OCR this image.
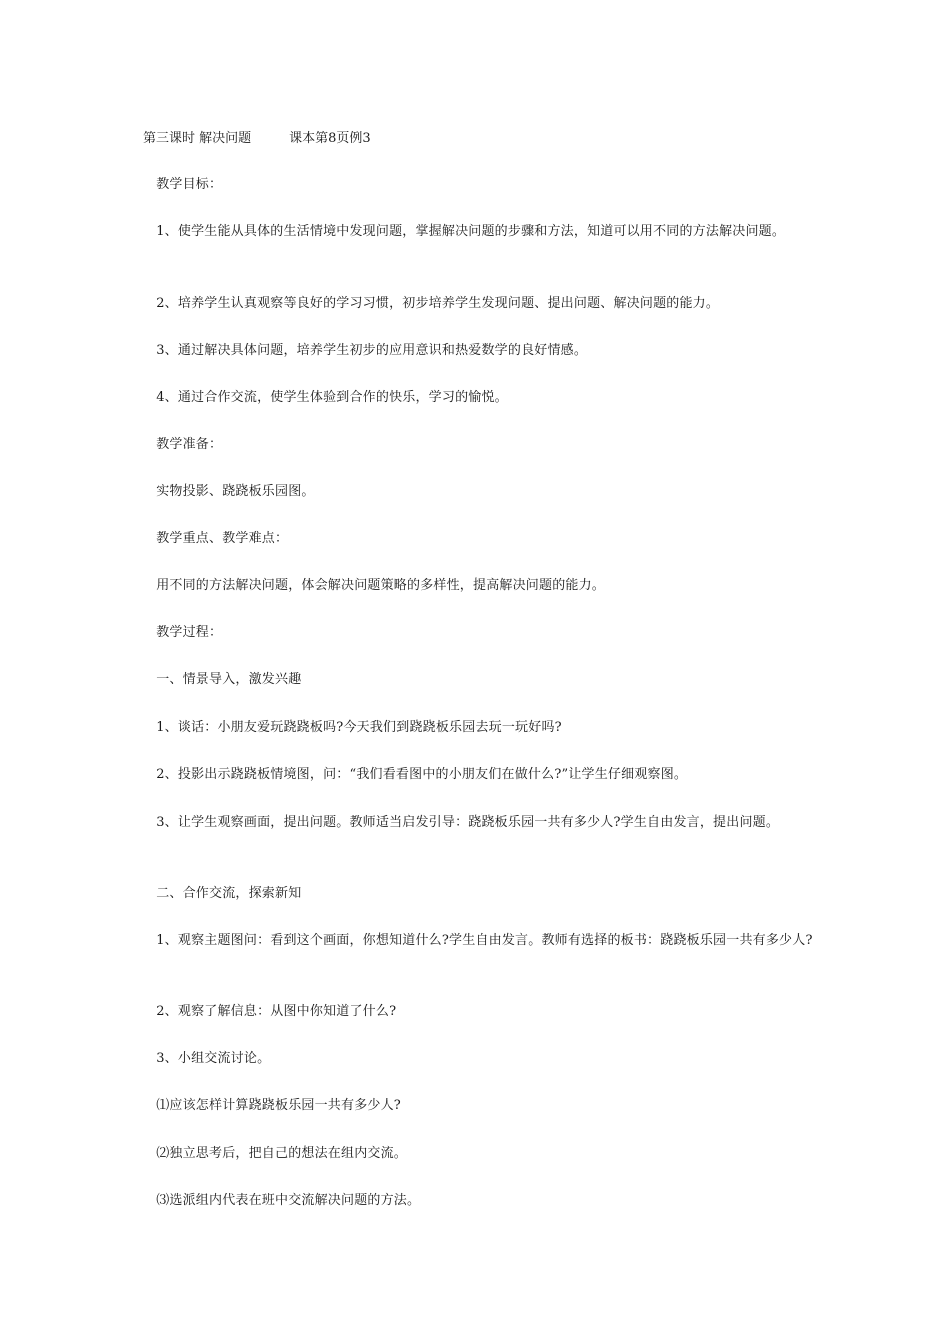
第三课时 解决问题	课本第8页例3
　教学目标：
　1、使学生能从具体的生活情境中发现问题，掌握解决问题的步骤和方法，知道可以用不同的方法解决问题。
　2、培养学生认真观察等良好的学习习惯，初步培养学生发现问题、提出问题、解决问题的能力。
　3、通过解决具体问题，培养学生初步的应用意识和热爱数学的良好情感。
　4、通过合作交流，使学生体验到合作的快乐，学习的愉悦。
　教学准备：
　实物投影、跷跷板乐园图。
　教学重点、教学难点：
　用不同的方法解决问题，体会解决问题策略的多样性，提高解决问题的能力。
　教学过程：
　一、情景导入，激发兴趣
　1、谈话：小朋友爱玩跷跷板吗?今天我们到跷跷板乐园去玩一玩好吗?
　2、投影出示跷跷板情境图，问：“我们看看图中的小朋友们在做什么?”让学生仔细观察图。
　3、让学生观察画面，提出问题。教师适当启发引导：跷跷板乐园一共有多少人?学生自由发言，提出问题。
　二、合作交流，探索新知
　1、观察主题图问：看到这个画面，你想知道什么?学生自由发言。教师有选择的板书：跷跷板乐园一共有多少人?
　2、观察了解信息：从图中你知道了什么?
　3、小组交流讨论。
　⑴应该怎样计算跷跷板乐园一共有多少人?
　⑵独立思考后，把自己的想法在组内交流。
　⑶选派组内代表在班中交流解决问题的方法。
